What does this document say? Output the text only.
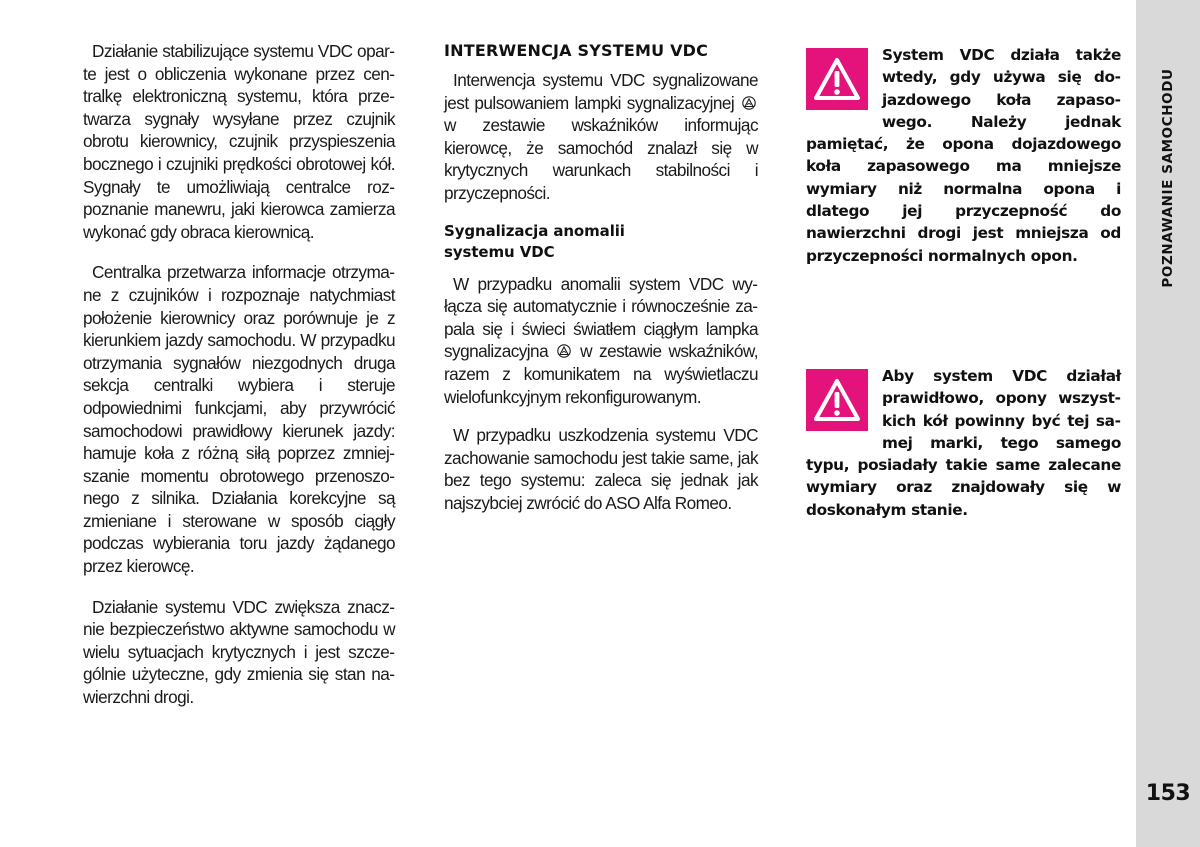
Działanie stabilizujące systemu VDC oparte jest o obliczenia wykonane przez centralkę elektroniczną systemu, która przetwarza sygnały wysyłane przez czujnik obrotu kierownicy, czujnik przyspieszenia bocznego i czujniki prędkości obrotowej kół. Sygnały te umożliwiają centralce rozpoznanie manewru, jaki kierowca zamierza wykonać gdy obraca kierownicą.

Centralka przetwarza informacje otrzymane z czujników i rozpoznaje natychmiast położenie kierownicy oraz porównuje je z kierunkiem jazdy samochodu. W przypadku otrzymania sygnałów niezgodnych druga sekcja centralki wybiera i steruje odpowiednimi funkcjami, aby przywrócić samochodowi prawidłowy kierunek jazdy: hamuje koła z różną siłą poprzez zmniejszanie momentu obrotowego przenoszonego z silnika. Działania korekcyjne są zmieniane i sterowane w sposób ciągły podczas wybierania toru jazdy żądanego przez kierowcę.

Działanie systemu VDC zwiększa znacznie bezpieczeństwo aktywne samochodu w wielu sytuacjach krytycznych i jest szczególnie użyteczne, gdy zmienia się stan nawierzchni drogi.

INTERWENCJA SYSTEMU VDC

Interwencja systemu VDC sygnalizowane jest pulsowaniem lampki sygnalizacyjnej  w zestawie wskaźników informując kierowcę, że samochód znalazł się w krytycznych warunkach stabilności i przyczepności.

Sygnalizacja anomalii systemu VDC

W przypadku anomalii system VDC wyłącza się automatycznie i równocześnie zapala się i świeci światłem ciągłym lampka sygnalizacyjna w zestawie wskaźników, razem z komunikatem na wyświetlaczu wielofunkcyjnym rekonfigurowanym.

W przypadku uszkodzenia systemu VDC zachowanie samochodu jest takie same, jak bez tego systemu: zaleca się jednak jak najszybciej zwrócić do ASO Alfa Romeo.

System VDC działa także wtedy, gdy używa się dojazdowego koła zapasowego. Należy jednak pamiętać, że opona dojazdowego koła zapasowego ma mniejsze wymiary niż normalna opona i dlatego jej przyczepność do nawierzchni drogi jest mniejsza od przyczepności normalnych opon.
Aby system VDC działał prawidłowo, opony wszystkich kół powinny być tej samej marki, tego samego typu, posiadały takie same zalecane wymiary oraz znajdowały się w doskonałym stanie.
POZNAWANIE SAMOCHODU
153
